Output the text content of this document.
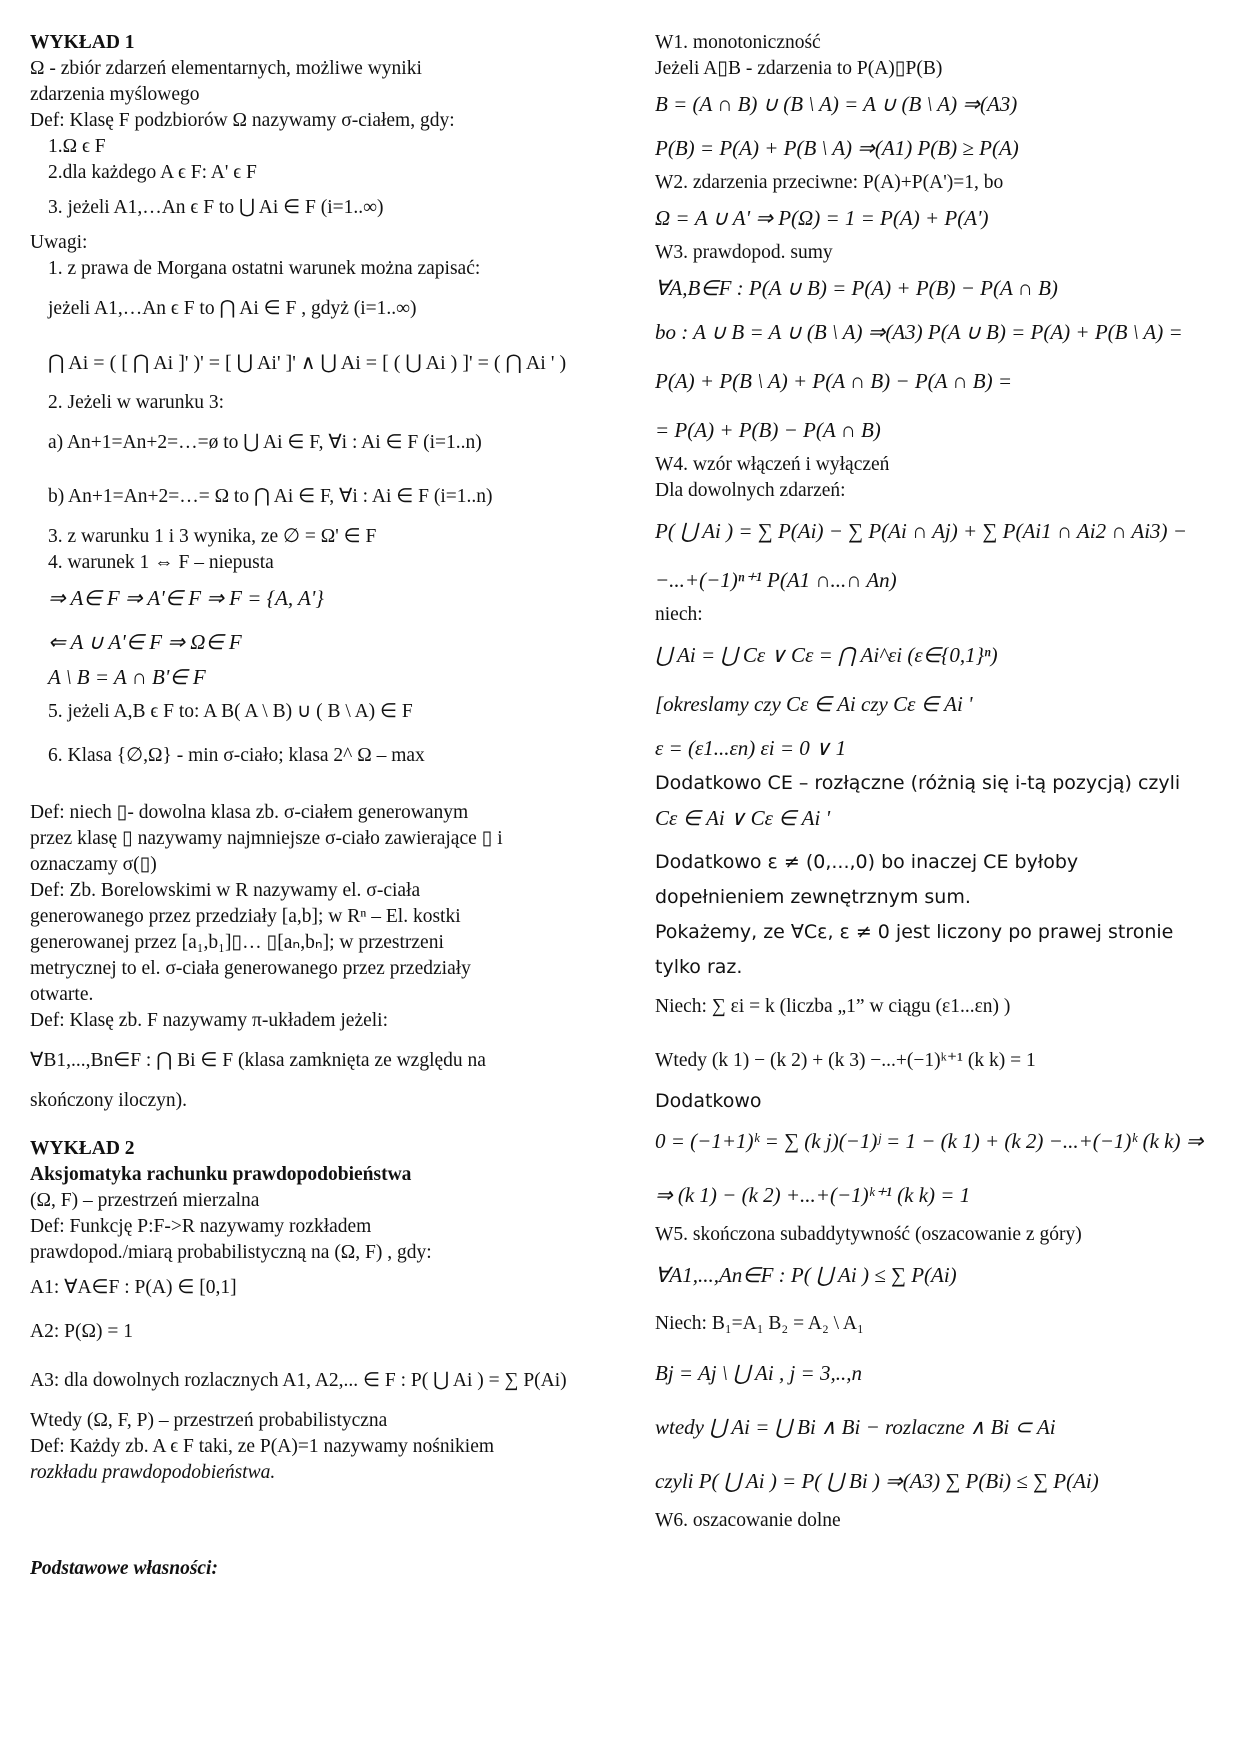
WYKŁAD 1
Ω - zbiór zdarzeń elementarnych, możliwe wyniki
zdarzenia myślowego
Def: Klasę F podzbiorów Ω nazywamy σ-ciałem, gdy:
1.Ω ϵ F
2.dla każdego A ϵ F: A' ϵ F
3. jeżeli A1,…An ϵ F to ⋃ Ai ∈ F (i=1..∞)
Uwagi:
1. z prawa de Morgana ostatni warunek można zapisać:
jeżeli A1,…An ϵ F to ⋂ Ai ∈ F , gdyż (i=1..∞)
⋂ Ai = ( [ ⋂ Ai ]' )' = [ ⋃ Ai' ]' ∧ ⋃ Ai = [ ( ⋃ Ai ) ]' = ( ⋂ Ai ' )
2. Jeżeli w warunku 3:
a) An+1=An+2=…=ø to ⋃ Ai ∈ F, ∀i : Ai ∈ F (i=1..n)
b) An+1=An+2=…= Ω to ⋂ Ai ∈ F, ∀i : Ai ∈ F (i=1..n)
3. z warunku 1 i 3 wynika, ze ∅ = Ω' ∈ F
4. warunek 1 ⇔ F – niepusta
⇒ A∈ F ⇒ A'∈ F ⇒ F = {A, A'}
⇐ A ∪ A'∈ F ⇒ Ω∈ F
A \ B = A ∩ B'∈ F
5. jeżeli A,B ϵ F to: A B( A \ B) ∪ ( B \ A) ∈ F
6. Klasa {∅,Ω} - min σ-ciało; klasa 2^ Ω – max
Def: niech ▯- dowolna klasa zb. σ-ciałem generowanym
przez klasę ▯ nazywamy najmniejsze σ-ciało zawierające ▯ i
oznaczamy σ(▯)
Def: Zb. Borelowskimi w R nazywamy el. σ-ciała
generowanego przez przedziały [a,b]; w Rⁿ – El. kostki
generowanej przez [a₁,b₁]▯… ▯[aₙ,bₙ]; w przestrzeni
metrycznej to el. σ-ciała generowanego przez przedziały
otwarte.
Def: Klasę zb. F nazywamy π-układem jeżeli:
∀B1,...,Bn∈F : ⋂ Bi ∈ F (klasa zamknięta ze względu na
skończony iloczyn).
WYKŁAD 2
Aksjomatyka rachunku prawdopodobieństwa
(Ω, F) – przestrzeń mierzalna
Def: Funkcję P:F->R nazywamy rozkładem
prawdopod./miarą probabilistyczną na (Ω, F) , gdy:
A1: ∀A∈F : P(A) ∈ [0,1]
A2: P(Ω) = 1
A3: dla dowolnych rozlacznych A1, A2,... ∈ F : P( ⋃ Ai ) = ∑ P(Ai)
Wtedy (Ω, F, P) – przestrzeń probabilistyczna
Def: Każdy zb. A ϵ F taki, ze P(A)=1 nazywamy nośnikiem
rozkładu prawdopodobieństwa.
Podstawowe własności:
W1. monotoniczność
Jeżeli A▯B - zdarzenia to P(A)▯P(B)
B = (A ∩ B) ∪ (B \ A) = A ∪ (B \ A) ⇒(A3)
P(B) = P(A) + P(B \ A) ⇒(A1) P(B) ≥ P(A)
W2. zdarzenia przeciwne: P(A)+P(A')=1, bo
Ω = A ∪ A' ⇒ P(Ω) = 1 = P(A) + P(A')
W3. prawdopod. sumy
∀A,B∈F : P(A ∪ B) = P(A) + P(B) − P(A ∩ B)
bo : A ∪ B = A ∪ (B \ A) ⇒(A3) P(A ∪ B) = P(A) + P(B \ A) =
P(A) + P(B \ A) + P(A ∩ B) − P(A ∩ B) =
= P(A) + P(B) − P(A ∩ B)
W4. wzór włączeń i wyłączeń
Dla dowolnych zdarzeń:
P( ⋃ Ai ) = ∑ P(Ai) − ∑ P(Ai ∩ Aj) + ∑ P(Ai1 ∩ Ai2 ∩ Ai3) −
−...+(−1)ⁿ⁺¹ P(A1 ∩...∩ An)
niech:
⋃ Ai = ⋃ Cε ∨ Cε = ⋂ Ai^εi (ε∈{0,1}ⁿ)
[okreslamy czy Cε ∈ Ai czy Cε ∈ Ai '
ε = (ε1...εn) εi = 0 ∨ 1
Dodatkowo CE – rozłączne (różnią się i-tą pozycją) czyli
Cε ∈ Ai ∨ Cε ∈ Ai '
Dodatkowo ε ≠ (0,...,0) bo inaczej CE byłoby
dopełnieniem zewnętrznym sum.
Pokażemy, ze ∀Cε, ε ≠ 0 jest liczony po prawej stronie
tylko raz.
Niech: ∑ εi = k (liczba „1” w ciągu (ε1...εn) )
Wtedy (k 1) − (k 2) + (k 3) −...+(−1)ᵏ⁺¹ (k k) = 1
Dodatkowo
0 = (−1+1)ᵏ = ∑ (k j)(−1)ʲ = 1 − (k 1) + (k 2) −...+(−1)ᵏ (k k) ⇒
⇒ (k 1) − (k 2) +...+(−1)ᵏ⁺¹ (k k) = 1
W5. skończona subaddytywność (oszacowanie z góry)
∀A1,...,An∈F : P( ⋃ Ai ) ≤ ∑ P(Ai)
Niech: B₁=A₁ B₂ = A₂ \ A₁
Bj = Aj \ ⋃ Ai , j = 3,..,n
wtedy ⋃ Ai = ⋃ Bi ∧ Bi − rozlaczne ∧ Bi ⊂ Ai
czyli P( ⋃ Ai ) = P( ⋃ Bi ) ⇒(A3) ∑ P(Bi) ≤ ∑ P(Ai)
W6. oszacowanie dolne
